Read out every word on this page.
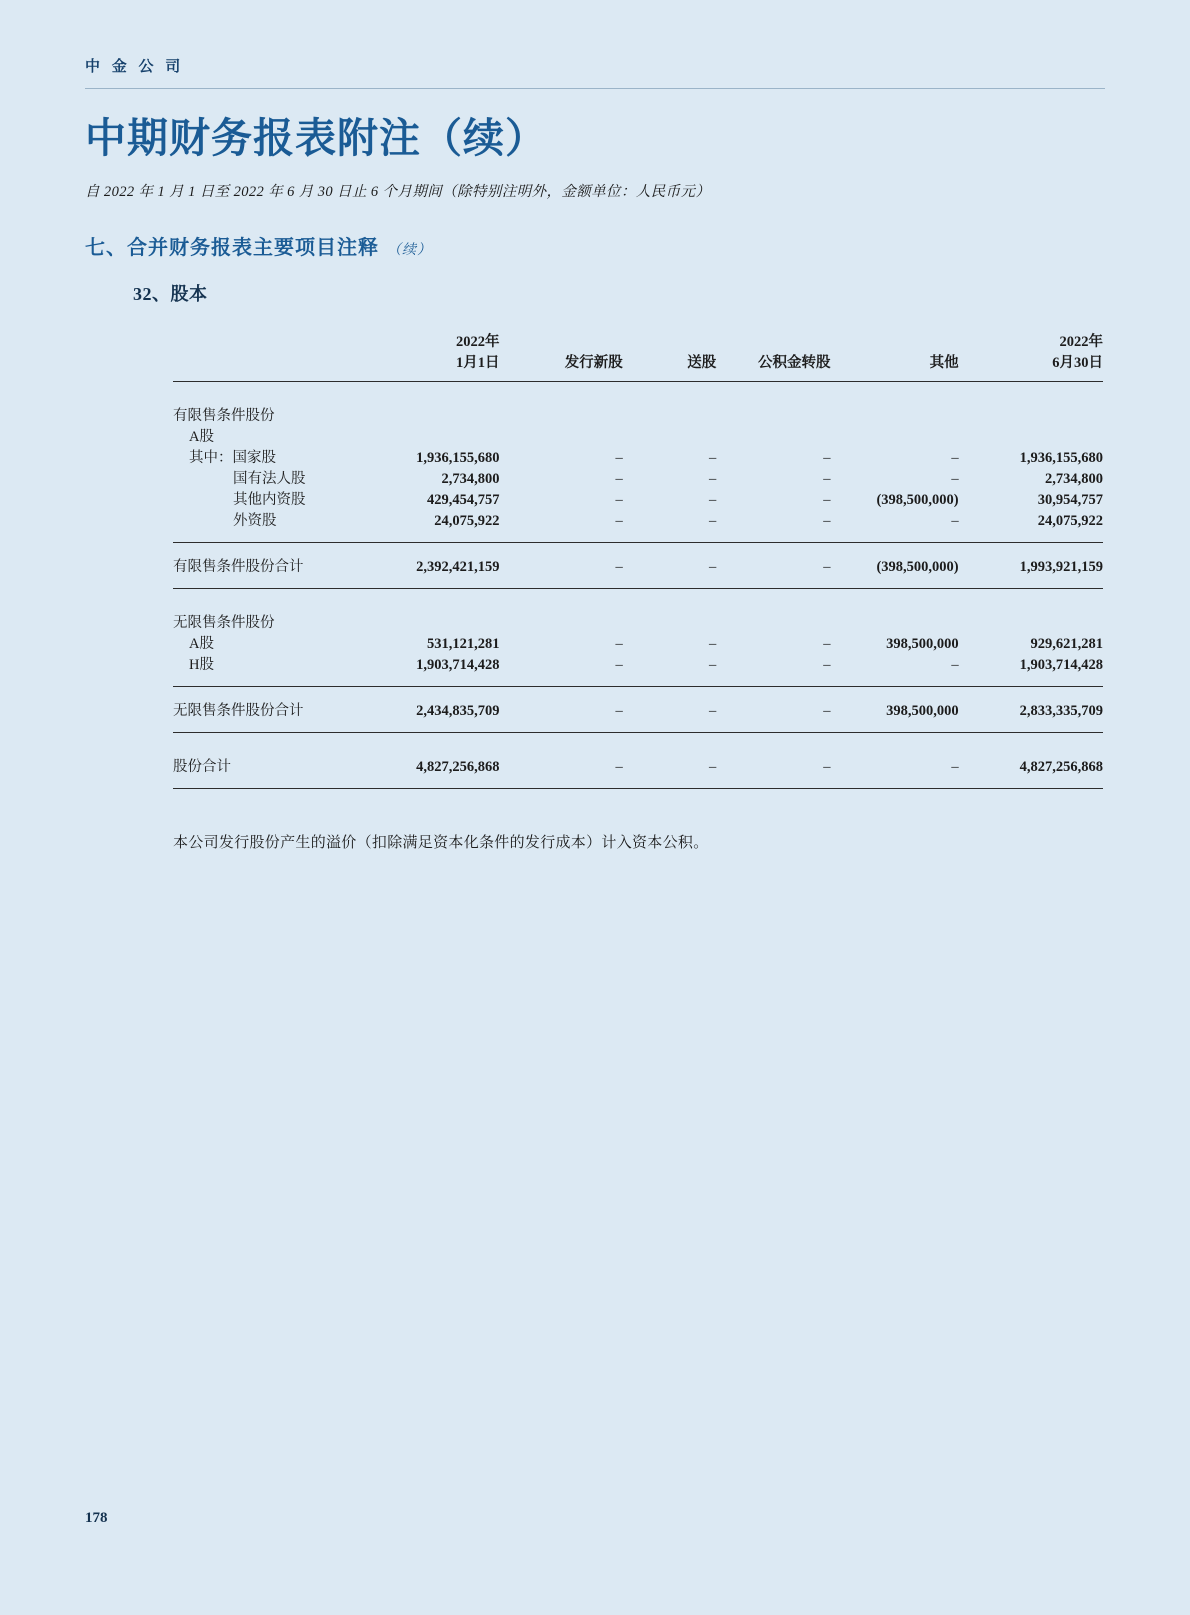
中 金 公 司
中期财务报表附注（续）
自 2022 年 1 月 1 日至 2022 年 6 月 30 日止 6 个月期间（除特别注明外，金额单位：人民币元）
七、合并财务报表主要项目注释 （续）
32、股本
	2022年					2022年
	1月1日	发行新股	送股	公积金转股	其他	6月30日

有限售条件股份						
A股						
其中：国家股	1,936,155,680	–	–	–	–	1,936,155,680
国有法人股	2,734,800	–	–	–	–	2,734,800
其他内资股	429,454,757	–	–	–	(398,500,000)	30,954,757
外资股	24,075,922	–	–	–	–	24,075,922

有限售条件股份合计	2,392,421,159	–	–	–	(398,500,000)	1,993,921,159

无限售条件股份						
A股	531,121,281	–	–	–	398,500,000	929,621,281
H股	1,903,714,428	–	–	–	–	1,903,714,428

无限售条件股份合计	2,434,835,709	–	–	–	398,500,000	2,833,335,709

股份合计	4,827,256,868	–	–	–	–	4,827,256,868

本公司发行股份产生的溢价（扣除满足资本化条件的发行成本）计入资本公积。
178
